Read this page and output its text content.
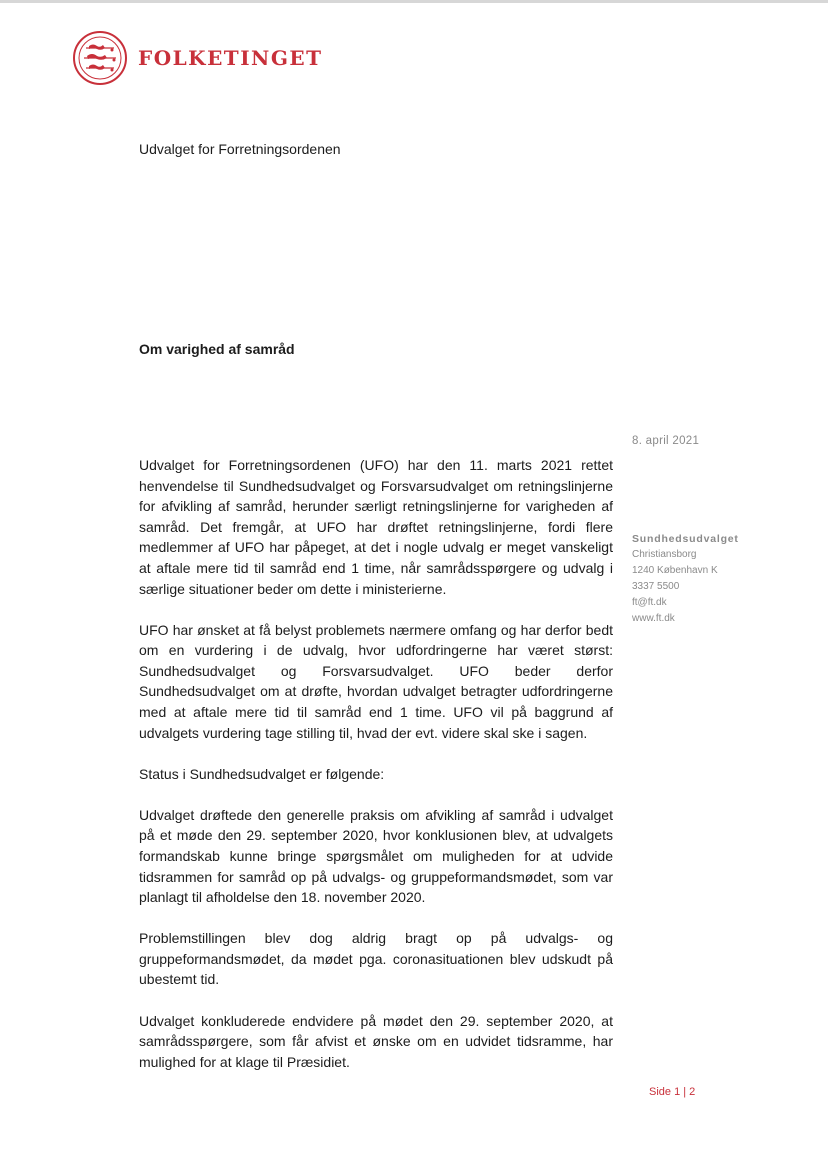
FOLKETINGET
Udvalget for Forretningsordenen
Om varighed af samråd
8. april 2021
Sundhedsudvalget
Christiansborg
1240 København K
3337 5500
ft@ft.dk
www.ft.dk

Udvalget for Forretningsordenen (UFO) har den 11. marts 2021 rettet henvendelse til Sundhedsudvalget og Forsvarsudvalget om retningslinjerne for afvikling af samråd, herunder særligt retningslinjerne for varigheden af samråd. Det fremgår, at UFO har drøftet retningslinjerne, fordi flere medlemmer af UFO har påpeget, at det i nogle udvalg er meget vanskeligt at aftale mere tid til samråd end 1 time, når samrådsspørgere og udvalg i særlige situationer beder om dette i ministerierne.

UFO har ønsket at få belyst problemets nærmere omfang og har derfor bedt om en vurdering i de udvalg, hvor udfordringerne har været størst: Sundhedsudvalget og Forsvarsudvalget. UFO beder derfor Sundhedsudvalget om at drøfte, hvordan udvalget betragter udfordringerne med at aftale mere tid til samråd end 1 time. UFO vil på baggrund af udvalgets vurdering tage stilling til, hvad der evt. videre skal ske i sagen.

Status i Sundhedsudvalget er følgende:

Udvalget drøftede den generelle praksis om afvikling af samråd i udvalget på et møde den 29. september 2020, hvor konklusionen blev, at udvalgets formandskab kunne bringe spørgsmålet om muligheden for at udvide tidsrammen for samråd op på udvalgs- og gruppeformandsmødet, som var planlagt til afholdelse den 18. november 2020.

Problemstillingen blev dog aldrig bragt op på udvalgs- og gruppeformandsmødet, da mødet pga. coronasituationen blev udskudt på ubestemt tid.

Udvalget konkluderede endvidere på mødet den 29. september 2020, at samrådsspørgere, som får afvist et ønske om en udvidet tidsramme, har mulighed for at klage til Præsidiet.

Side 1 | 2
